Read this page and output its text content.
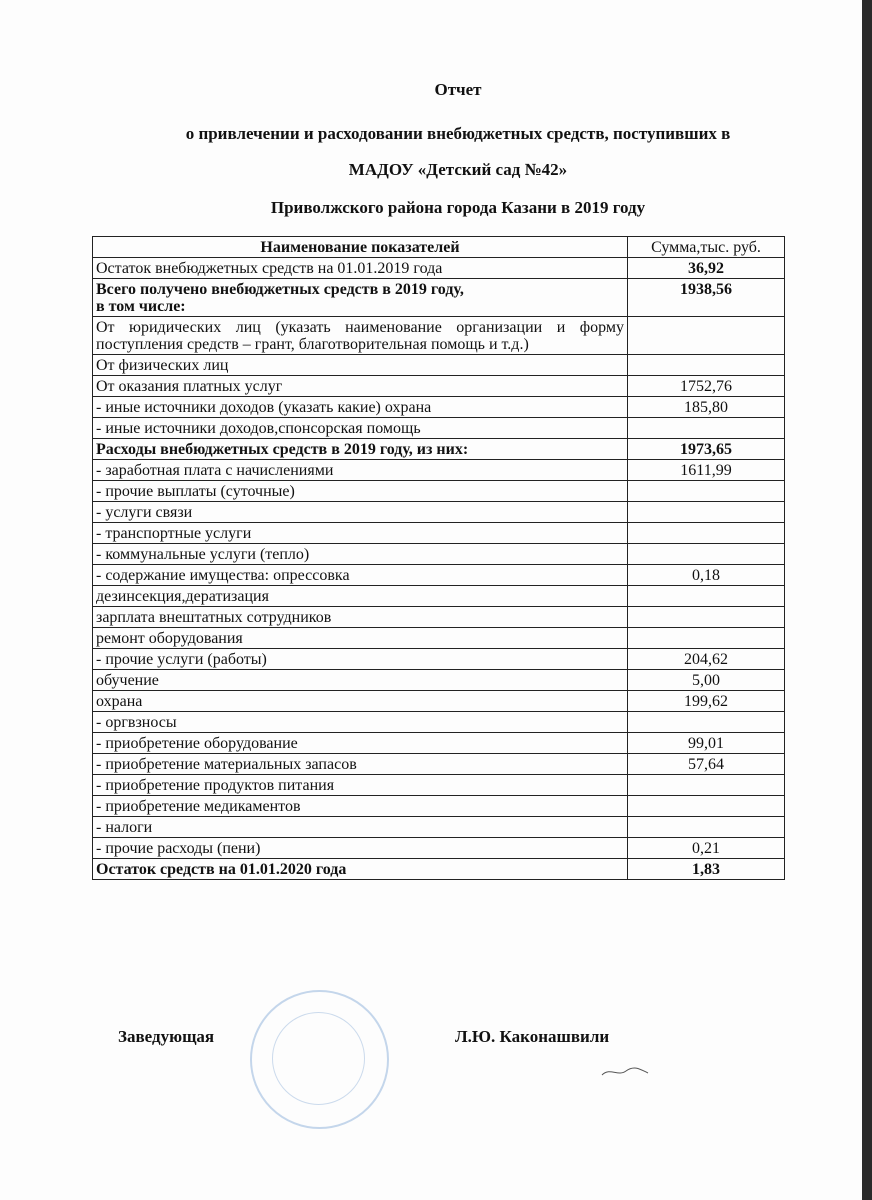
Отчет
о привлечении и расходовании внебюджетных средств, поступивших в
МАДОУ «Детский сад №42»
Приволжского района города Казани в 2019 году
Наименование показателей	Сумма,тыс. руб.
Остаток внебюджетных средств на 01.01.2019 года	36,92
Всего получено внебюджетных средств в 2019 году,
в том числе:	1938,56
От юридических лиц (указать наименование организации и форму поступления средств – грант, благотворительная помощь и т.д.)	
От физических лиц	
От оказания платных услуг	1752,76
- иные источники доходов (указать какие) охрана	185,80
- иные источники доходов,спонсорская помощь	
Расходы внебюджетных средств в 2019 году, из них:	1973,65
- заработная плата с начислениями	1611,99
- прочие выплаты (суточные)	
- услуги связи	
- транспортные услуги	
- коммунальные услуги (тепло)	
- содержание имущества: опрессовка	0,18
дезинсекция,дератизация	
зарплата внештатных сотрудников	
ремонт оборудования	
- прочие услуги (работы)	204,62
обучение	5,00
охрана	199,62
- оргвзносы	
- приобретение оборудование	99,01
- приобретение материальных запасов	57,64
- приобретение продуктов питания	
- приобретение медикаментов	
- налоги	
- прочие расходы (пени)	0,21
Остаток средств на 01.01.2020 года	1,83
Заведующая	Л.Ю. Каконашвили
